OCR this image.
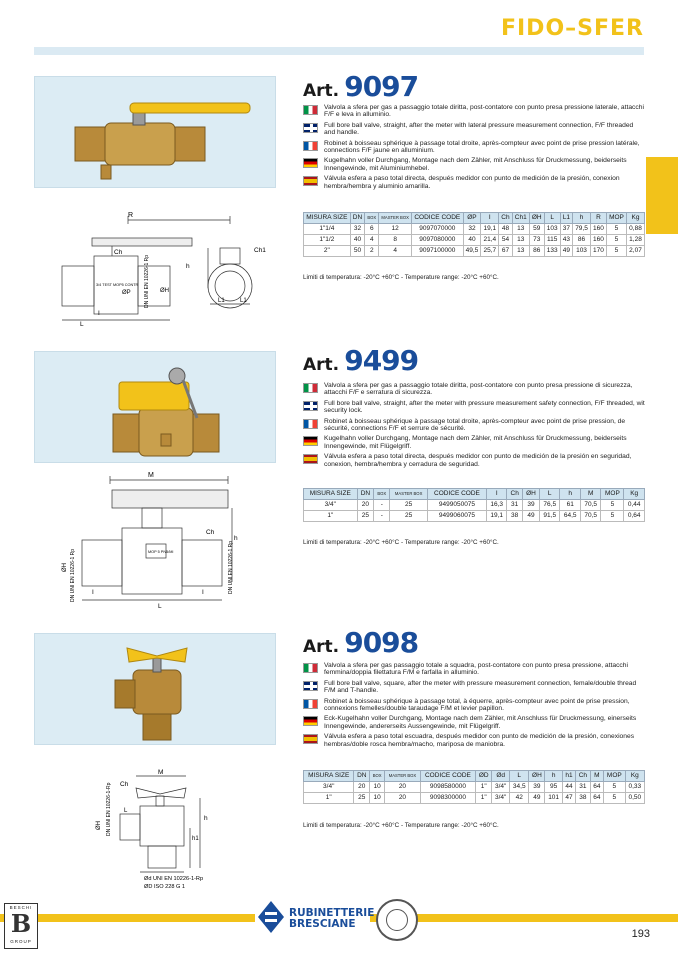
FIDO–SFER
Art. 9097
Valvola a sfera per gas a passaggio totale diritta, post-contatore con punto presa pressione laterale, attacchi F/F e leva in alluminio.
Full bore ball valve, straight, after the meter with lateral pressure measurement connection, F/F threaded and handle.
Robinet à boisseau sphérique à passage total droite, après-compteur avec point de prise pression latérale, connections F/F jaune en alluminium.
Kugelhahn voller Durchgang, Montage nach dem Zähler, mit Anschluss für Druckmessung, beiderseits Innengewinde, mit Aluminiumhebel.
Válvula esfera a paso total directa, después medidor con punto de medición de la presión, conexion hembra/hembra y aluminio amarilla.
R
Ch	Ch1
h
ØP	ØH
DN UNI EN 10226-1 Rp
3/4 TEST MOP5 CONTR
L
I
L1	L1
MISURA SIZE	DN	BOX	MASTER BOX	CODICE CODE	ØP	I	Ch	Ch1	ØH	L	L1	h	R	MOP	Kg
1"1/4	32	6	12	9097070000	32	19,1	48	13	59	103	37	79,5	160	5	0,88
1"1/2	40	4	8	9097080000	40	21,4	54	13	73	115	43	86	160	5	1,28
2"	50	2	4	9097100000	49,5	25,7	67	13	86	133	49	103	170	5	2,07
Limiti di temperatura: -20°C +60°C - Temperature range: -20°C +60°C.
Art. 9499
Valvola a sfera per gas a passaggio totale diritta, post-contatore con punto presa pressione di sicurezza, attacchi F/F e serratura di sicurezza.
Full bore ball valve, straight, after the meter with pressure measurement safety connection, F/F threaded, wit security lock.
Robinet à boisseau sphérique à passage total droite, après-compteur avec point de prise pression, de sécurité, connections F/F et serrure de sécurité.
Kugelhahn voller Durchgang, Montage nach dem Zähler, mit Anschluss für Druckmessung, beiderseits Innengewinde, mit Flügelgriff.
Válvula esfera a paso total directa, después medidor con punto de medición de la presión en seguridad, conexion, hembra/hembra y cerradura de seguridad.
M
Ch
h
ØH DN UNI EN 10226-1 Rp	DN UNI EN 10226-1 Rp
MOP 5 PN5/MI
L
I	I
MISURA SIZE	DN	BOX	MASTER BOX	CODICE CODE	I	Ch	ØH	L	h	M	MOP	Kg
3/4"	20	-	25	9499050075	16,3	31	39	76,5	61	70,5	5	0,44
1"	25	-	25	9499060075	19,1	38	49	91,5	64,5	70,5	5	0,64
Limiti di temperatura: -20°C +60°C - Temperature range: -20°C +60°C.
Art. 9098
Valvola a sfera per gas passaggio totale a squadra, post-contatore con punto presa pressione, attacchi femmina/doppia filettatura F/M e farfalla in alluminio.
Full bore ball valve, square, after the meter with pressure measurement connection, female/double thread F/M and T-handle.
Robinet à boisseau sphérique à passage total, à équerre, après-compteur avec point de prise pression, connexions femelles/double taraudage F/M et levier papillon.
Eck-Kugelhahn voller Durchgang, Montage nach dem Zähler, mit Anschluss für Druckmessung, einerseits Innengewinde, andererseits Aussengewinde, mit Flügelgriff.
Válvula esfera a paso total escuadra, después medidor con punto de medición de la presión, conexiones hembras/doble rosca hembra/macho, mariposa de maniobra.
M
Ch
h
h1
ØH DN UNI EN 10226-1-Rp L
Ød UNI EN 10226-1-Rp
ØD ISO 228 G 1
MISURA SIZE	DN	BOX	MASTER BOX	CODICE CODE	ØD	Ød	L	ØH	h	h1	Ch	M	MOP	Kg
3/4"	20	10	20	9098580000	1"	3/4"	34,5	39	95	44	31	64	5	0,33
1"	25	10	20	9098300000	1"	3/4"	42	49	101	47	38	64	5	0,50
Limiti di temperatura: -20°C +60°C - Temperature range: -20°C +60°C.
BESCHI
B
GROUP
RUBINETTERIE
BRESCIANE
193
